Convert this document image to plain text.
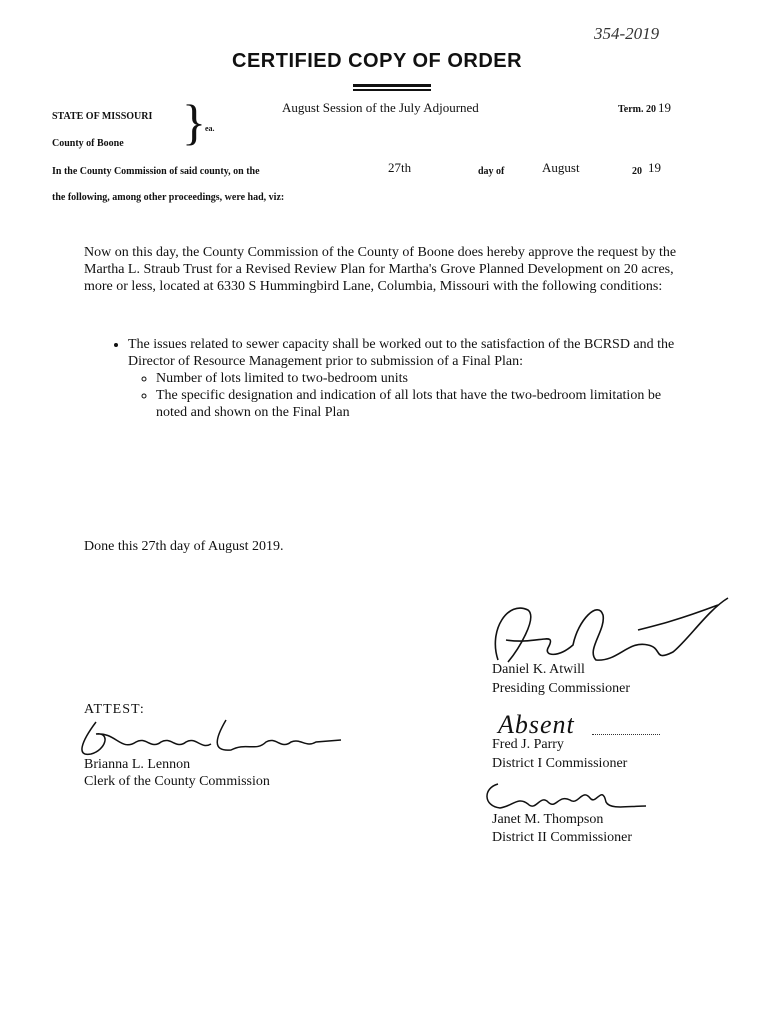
354-2019
CERTIFIED COPY OF ORDER
STATE OF MISSOURI
County of Boone } ea.
August Session of the July Adjourned	Term. 20 19
In the County Commission of said county, on the	27th	day of	August	20 19
the following, among other proceedings, were had, viz:
Now on this day, the County Commission of the County of Boone does hereby approve the request by the Martha L. Straub Trust for a Revised Review Plan for Martha's Grove Planned Development on 20 acres, more or less, located at 6330 S Hummingbird Lane, Columbia, Missouri with the following conditions:
• The issues related to sewer capacity shall be worked out to the satisfaction of the BCRSD and the Director of Resource Management prior to submission of a Final Plan:
◦ Number of lots limited to two-bedroom units
◦ The specific designation and indication of all lots that have the two-bedroom limitation be noted and shown on the Final Plan
Done this 27th day of August 2019.
Daniel K. Atwill
Presiding Commissioner
Absent
Fred J. Parry
District I Commissioner
Janet M. Thompson
District II Commissioner
ATTEST:
Brianna L. Lennon
Clerk of the County Commission
